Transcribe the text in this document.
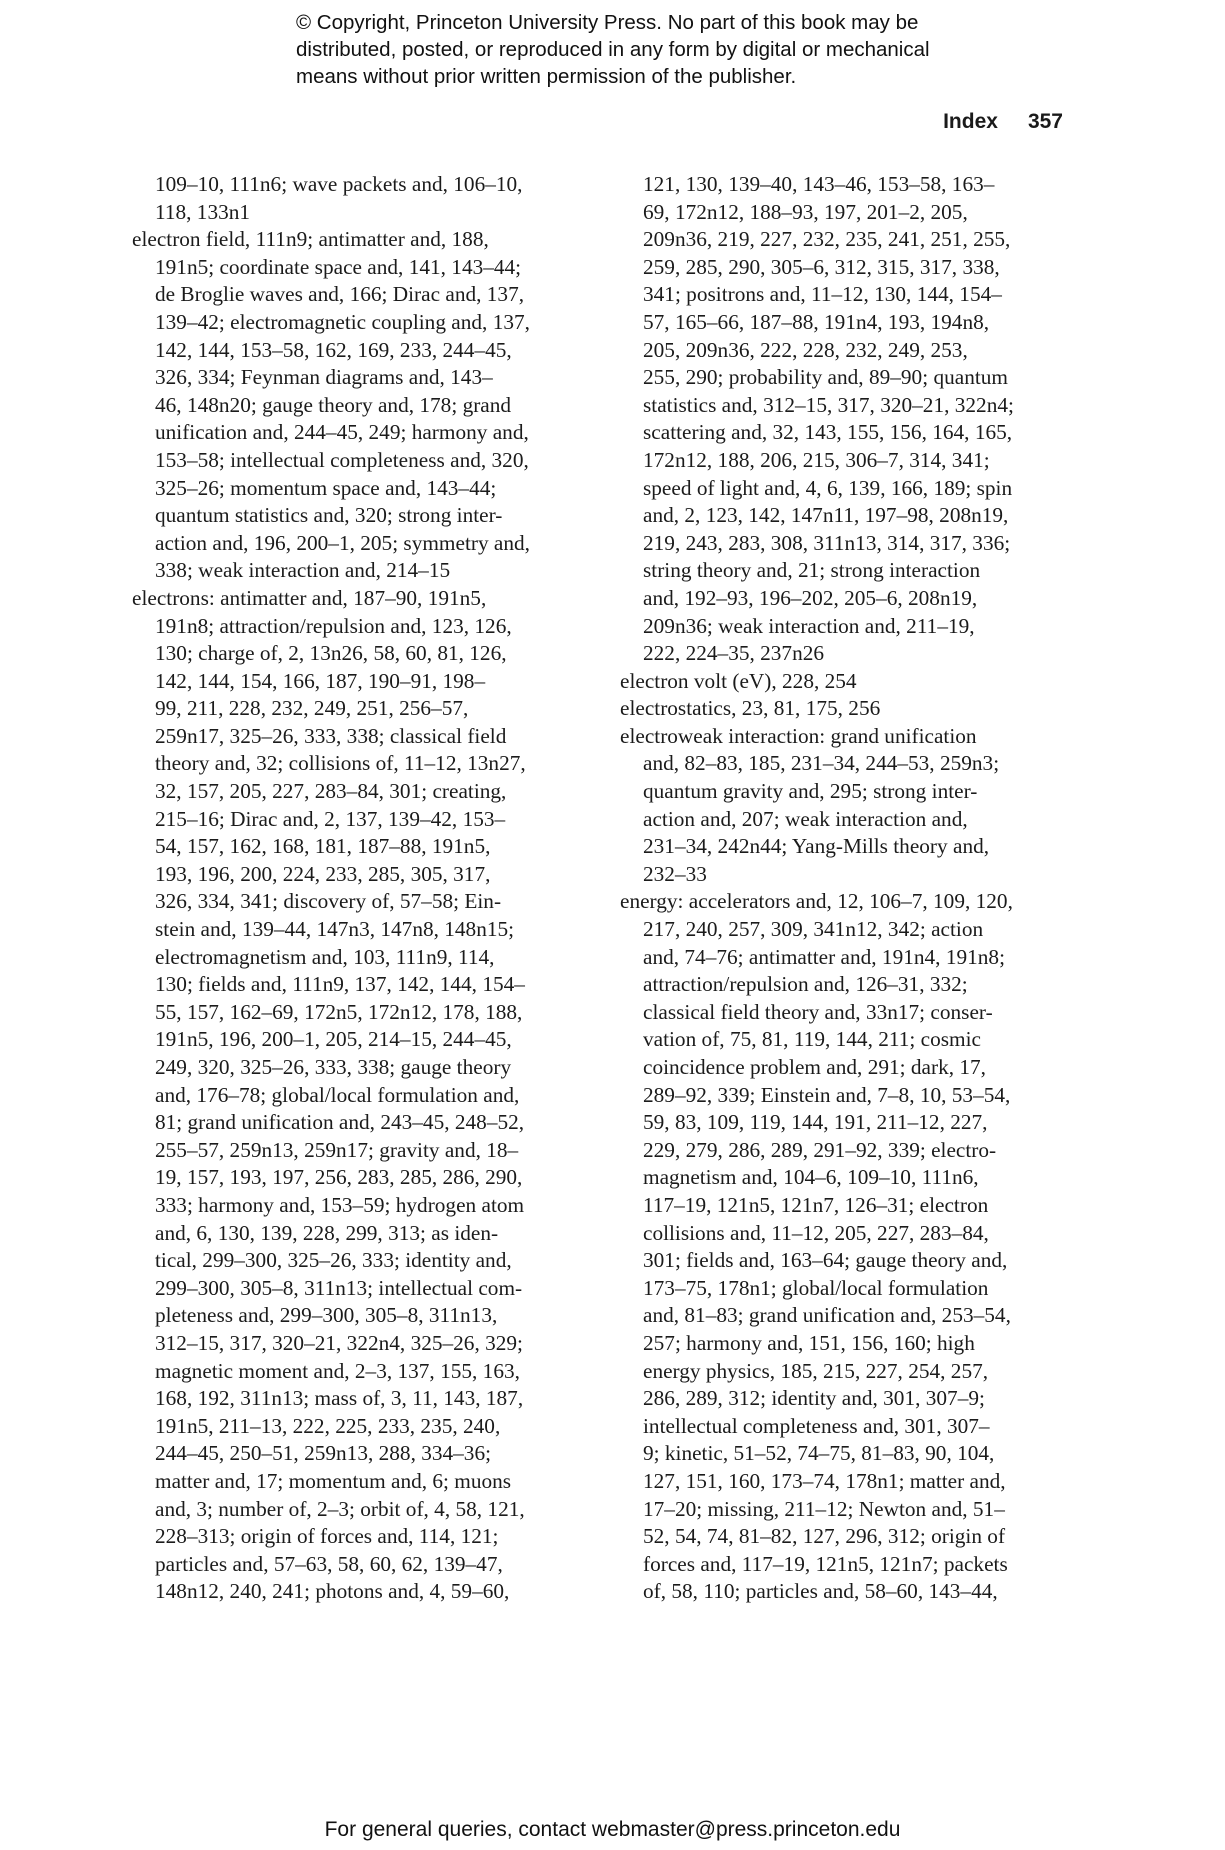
© Copyright, Princeton University Press. No part of this book may be
distributed, posted, or reproduced in any form by digital or mechanical
means without prior written permission of the publisher.
Index 357
109–10, 111n6; wave packets and, 106–10,
118, 133n1
electron field, 111n9; antimatter and, 188,
191n5; coordinate space and, 141, 143–44;
de Broglie waves and, 166; Dirac and, 137,
139–42; electromagnetic coupling and, 137,
142, 144, 153–58, 162, 169, 233, 244–45,
326, 334; Feynman diagrams and, 143–
46, 148n20; gauge theory and, 178; grand
unification and, 244–45, 249; harmony and,
153–58; intellectual completeness and, 320,
325–26; momentum space and, 143–44;
quantum statistics and, 320; strong inter-
action and, 196, 200–1, 205; symmetry and,
338; weak interaction and, 214–15
electrons: antimatter and, 187–90, 191n5,
191n8; attraction/repulsion and, 123, 126,
130; charge of, 2, 13n26, 58, 60, 81, 126,
142, 144, 154, 166, 187, 190–91, 198–
99, 211, 228, 232, 249, 251, 256–57,
259n17, 325–26, 333, 338; classical field
theory and, 32; collisions of, 11–12, 13n27,
32, 157, 205, 227, 283–84, 301; creating,
215–16; Dirac and, 2, 137, 139–42, 153–
54, 157, 162, 168, 181, 187–88, 191n5,
193, 196, 200, 224, 233, 285, 305, 317,
326, 334, 341; discovery of, 57–58; Ein-
stein and, 139–44, 147n3, 147n8, 148n15;
electromagnetism and, 103, 111n9, 114,
130; fields and, 111n9, 137, 142, 144, 154–
55, 157, 162–69, 172n5, 172n12, 178, 188,
191n5, 196, 200–1, 205, 214–15, 244–45,
249, 320, 325–26, 333, 338; gauge theory
and, 176–78; global/local formulation and,
81; grand unification and, 243–45, 248–52,
255–57, 259n13, 259n17; gravity and, 18–
19, 157, 193, 197, 256, 283, 285, 286, 290,
333; harmony and, 153–59; hydrogen atom
and, 6, 130, 139, 228, 299, 313; as iden-
tical, 299–300, 325–26, 333; identity and,
299–300, 305–8, 311n13; intellectual com-
pleteness and, 299–300, 305–8, 311n13,
312–15, 317, 320–21, 322n4, 325–26, 329;
magnetic moment and, 2–3, 137, 155, 163,
168, 192, 311n13; mass of, 3, 11, 143, 187,
191n5, 211–13, 222, 225, 233, 235, 240,
244–45, 250–51, 259n13, 288, 334–36;
matter and, 17; momentum and, 6; muons
and, 3; number of, 2–3; orbit of, 4, 58, 121,
228–313; origin of forces and, 114, 121;
particles and, 57–63, 58, 60, 62, 139–47,
148n12, 240, 241; photons and, 4, 59–60,
121, 130, 139–40, 143–46, 153–58, 163–
69, 172n12, 188–93, 197, 201–2, 205,
209n36, 219, 227, 232, 235, 241, 251, 255,
259, 285, 290, 305–6, 312, 315, 317, 338,
341; positrons and, 11–12, 130, 144, 154–
57, 165–66, 187–88, 191n4, 193, 194n8,
205, 209n36, 222, 228, 232, 249, 253,
255, 290; probability and, 89–90; quantum
statistics and, 312–15, 317, 320–21, 322n4;
scattering and, 32, 143, 155, 156, 164, 165,
172n12, 188, 206, 215, 306–7, 314, 341;
speed of light and, 4, 6, 139, 166, 189; spin
and, 2, 123, 142, 147n11, 197–98, 208n19,
219, 243, 283, 308, 311n13, 314, 317, 336;
string theory and, 21; strong interaction
and, 192–93, 196–202, 205–6, 208n19,
209n36; weak interaction and, 211–19,
222, 224–35, 237n26
electron volt (eV), 228, 254
electrostatics, 23, 81, 175, 256
electroweak interaction: grand unification
and, 82–83, 185, 231–34, 244–53, 259n3;
quantum gravity and, 295; strong inter-
action and, 207; weak interaction and,
231–34, 242n44; Yang-Mills theory and,
232–33
energy: accelerators and, 12, 106–7, 109, 120,
217, 240, 257, 309, 341n12, 342; action
and, 74–76; antimatter and, 191n4, 191n8;
attraction/repulsion and, 126–31, 332;
classical field theory and, 33n17; conser-
vation of, 75, 81, 119, 144, 211; cosmic
coincidence problem and, 291; dark, 17,
289–92, 339; Einstein and, 7–8, 10, 53–54,
59, 83, 109, 119, 144, 191, 211–12, 227,
229, 279, 286, 289, 291–92, 339; electro-
magnetism and, 104–6, 109–10, 111n6,
117–19, 121n5, 121n7, 126–31; electron
collisions and, 11–12, 205, 227, 283–84,
301; fields and, 163–64; gauge theory and,
173–75, 178n1; global/local formulation
and, 81–83; grand unification and, 253–54,
257; harmony and, 151, 156, 160; high
energy physics, 185, 215, 227, 254, 257,
286, 289, 312; identity and, 301, 307–9;
intellectual completeness and, 301, 307–
9; kinetic, 51–52, 74–75, 81–83, 90, 104,
127, 151, 160, 173–74, 178n1; matter and,
17–20; missing, 211–12; Newton and, 51–
52, 54, 74, 81–82, 127, 296, 312; origin of
forces and, 117–19, 121n5, 121n7; packets
of, 58, 110; particles and, 58–60, 143–44,
For general queries, contact webmaster@press.princeton.edu
